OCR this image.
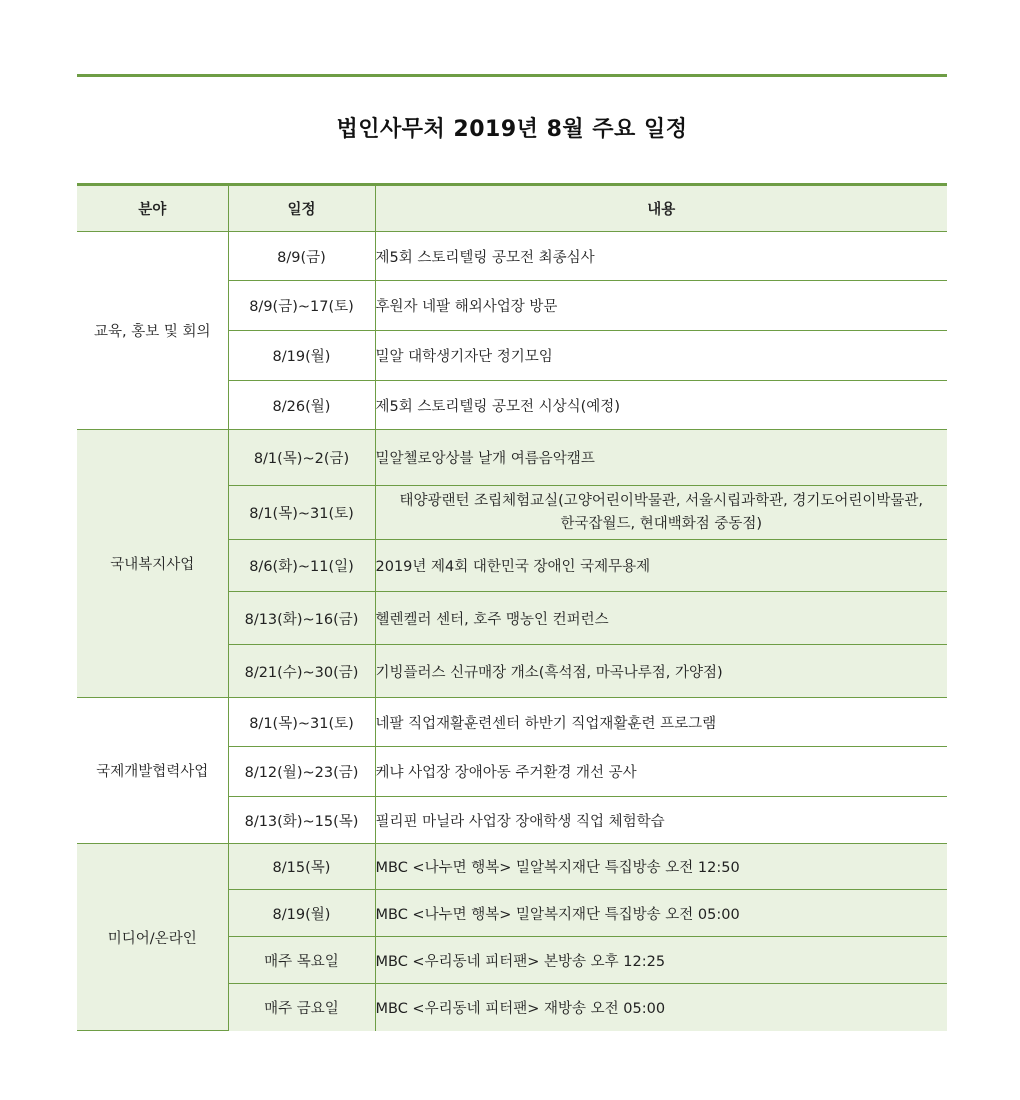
법인사무처 2019년 8월 주요 일정
분야	일정	내용
교육, 홍보 및 회의	8/9(금)	제5회 스토리텔링 공모전 최종심사
	8/9(금)~17(토)	후원자 네팔 해외사업장 방문
	8/19(월)	밀알 대학생기자단 정기모임
	8/26(월)	제5회 스토리텔링 공모전 시상식(예정)
국내복지사업	8/1(목)~2(금)	밀알첼로앙상블 날개 여름음악캠프
	8/1(목)~31(토)	태양광랜턴 조립체험교실(고양어린이박물관, 서울시립과학관, 경기도어린이박물관,
한국잡월드, 현대백화점 중동점)

	8/6(화)~11(일)	2019년 제4회 대한민국 장애인 국제무용제
	8/13(화)~16(금)	헬렌켈러 센터, 호주 맹농인 컨퍼런스
	8/21(수)~30(금)	기빙플러스 신규매장 개소(흑석점, 마곡나루점, 가양점)
국제개발협력사업	8/1(목)~31(토)	네팔 직업재활훈련센터 하반기 직업재활훈련 프로그램
	8/12(월)~23(금)	케냐 사업장 장애아동 주거환경 개선 공사
	8/13(화)~15(목)	필리핀 마닐라 사업장 장애학생 직업 체험학습
미디어/온라인	8/15(목)	MBC <나누면 행복> 밀알복지재단 특집방송 오전 12:50
	8/19(월)	MBC <나누면 행복> 밀알복지재단 특집방송 오전 05:00
	매주 목요일	MBC <우리동네 피터팬> 본방송 오후 12:25
	매주 금요일	MBC <우리동네 피터팬> 재방송 오전 05:00
